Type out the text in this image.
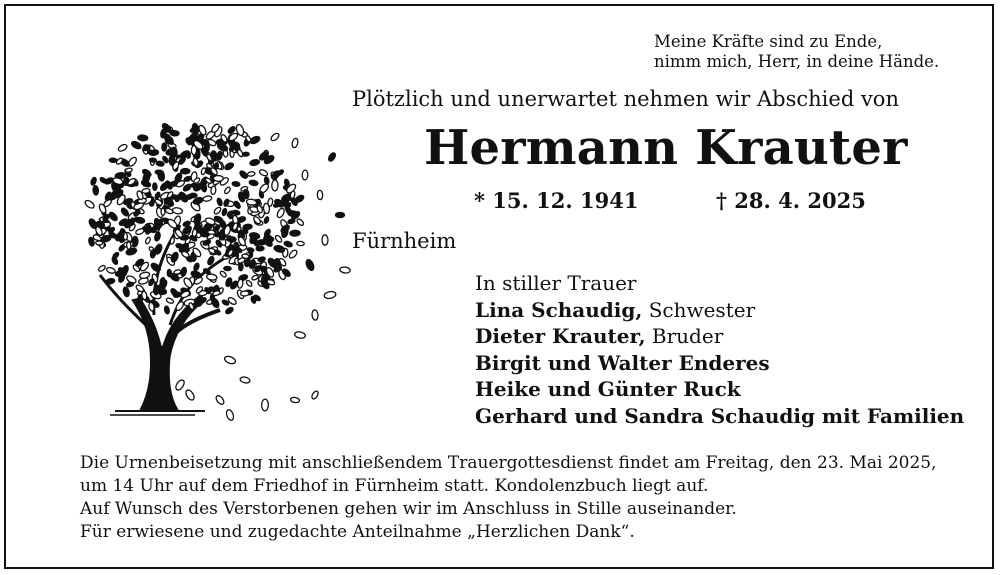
Meine Kräfte sind zu Ende,
nimm mich, Herr, in deine Hände.
Plötzlich und unerwartet nehmen wir Abschied von
Hermann Krauter
* 15. 12. 1941	† 28. 4. 2025
Fürnheim
In stiller Trauer
Lina Schaudig, Schwester
Dieter Krauter, Bruder
Birgit und Walter Enderes
Heike und Günter Ruck
Gerhard und Sandra Schaudig mit Familien
Die Urnenbeisetzung mit anschließendem Trauergottesdienst findet am Freitag, den 23. Mai 2025,
um 14 Uhr auf dem Friedhof in Fürnheim statt. Kondolenzbuch liegt auf.
Auf Wunsch des Verstorbenen gehen wir im Anschluss in Stille auseinander.
Für erwiesene und zugedachte Anteilnahme „Herzlichen Dank“.
